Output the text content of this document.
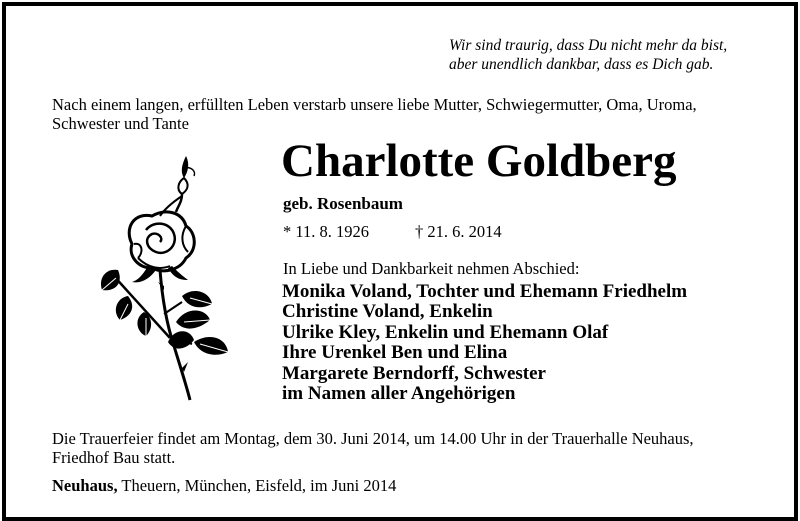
Wir sind traurig, dass Du nicht mehr da bist,
aber unendlich dankbar, dass es Dich gab.
Nach einem langen, erfüllten Leben verstarb unsere liebe Mutter, Schwiegermutter, Oma, Uroma,
Schwester und Tante
Charlotte Goldberg
geb. Rosenbaum
* 11. 8. 1926	† 21. 6. 2014
In Liebe und Dankbarkeit nehmen Abschied:
Monika Voland, Tochter und Ehemann Friedhelm
Christine Voland, Enkelin
Ulrike Kley, Enkelin und Ehemann Olaf
Ihre Urenkel Ben und Elina
Margarete Berndorff, Schwester
im Namen aller Angehörigen
Die Trauerfeier findet am Montag, dem 30. Juni 2014, um 14.00 Uhr in der Trauerhalle Neuhaus,
Friedhof Bau statt.
Neuhaus, Theuern, München, Eisfeld, im Juni 2014
